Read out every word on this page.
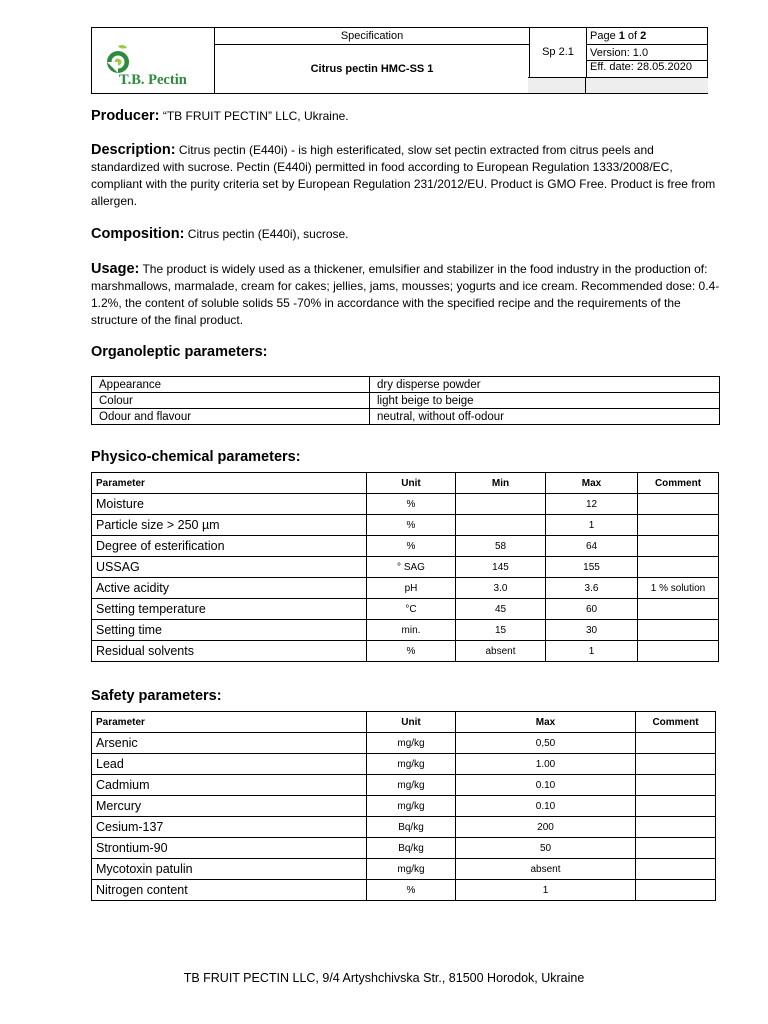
T.B. Pectin	Specification	Sp 2.1	Page 1 of 2
	Citrus pectin HMC-SS 1		Version: 1.0
			Eff. date: 28.05.2020
Producer: “TB FRUIT PECTIN” LLC, Ukraine.
Description: Citrus pectin (E440i) - is high esterificated, slow set pectin extracted from citrus peels and standardized with sucrose. Pectin (E440i) permitted in food according to European Regulation 1333/2008/EC, compliant with the purity criteria set by European Regulation 231/2012/EU. Product is GMO Free. Product is free from allergen.
Composition: Citrus pectin (E440i), sucrose.
Usage: The product is widely used as a thickener, emulsifier and stabilizer in the food industry in the production of: marshmallows, marmalade, cream for cakes; jellies, jams, mousses; yogurts and ice cream. Recommended dose: 0.4-1.2%, the content of soluble solids 55 -70% in accordance with the specified recipe and the requirements of the structure of the final product.
Organoleptic parameters:
Appearance	dry disperse powder
Colour	light beige to beige
Odour and flavour	neutral, without off-odour
Physico-chemical parameters:
Parameter	Unit	Min	Max	Comment
Moisture	%		12	
Particle size > 250 µm	%		1	
Degree of esterification	%	58	64	
USSAG	° SAG	145	155	
Active acidity	pH	3.0	3.6	1 % solution
Setting temperature	°C	45	60	
Setting time	min.	15	30	
Residual solvents	%	absent	1	
Safety parameters:
Parameter	Unit	Max	Comment
Arsenic	mg/kg	0,50	
Lead	mg/kg	1.00	
Cadmium	mg/kg	0.10	
Mercury	mg/kg	0.10	
Cesium-137	Bq/kg	200	
Strontium-90	Bq/kg	50	
Mycotoxin patulin	mg/kg	absent	
Nitrogen content	%	1	
TB FRUIT PECTIN LLC, 9/4 Artyshchivska Str., 81500 Horodok, Ukraine
